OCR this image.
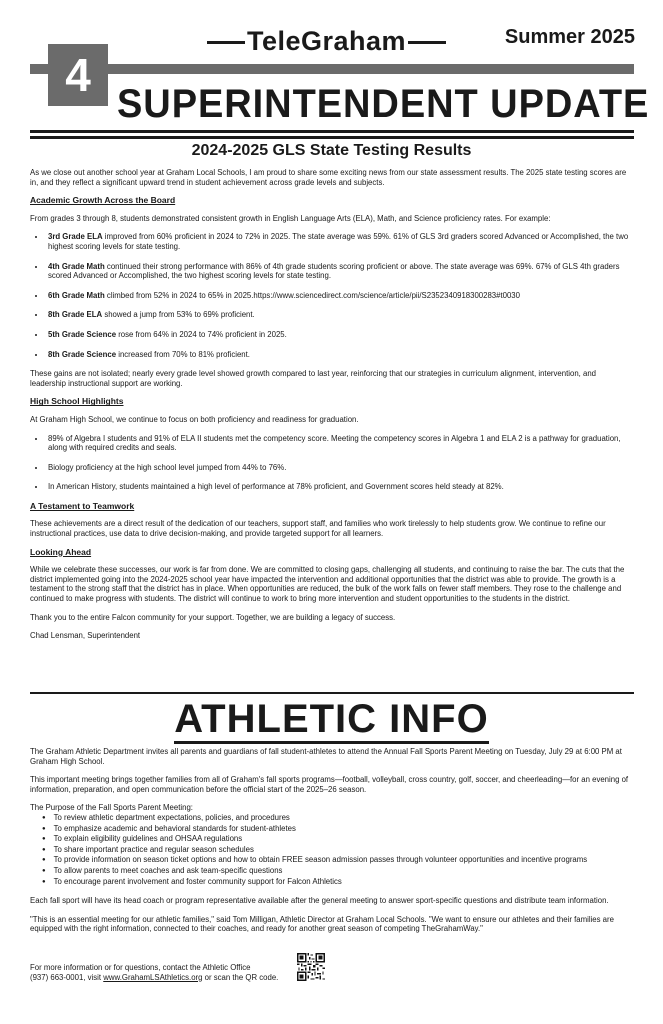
TeleGraham	Summer 2025
4
SUPERINTENDENT UPDATE
2024-2025 GLS State Testing Results

As we close out another school year at Graham Local Schools, I am proud to share some exciting news from our state assessment results. The 2025 state testing scores are in, and they reflect a significant upward trend in student achievement across grade levels and subjects.

Academic Growth Across the Board

From grades 3 through 8, students demonstrated consistent growth in English Language Arts (ELA), Math, and Science proficiency rates. For example:

• 3rd Grade ELA improved from 60% proficient in 2024 to 72% in 2025. The state average was 59%. 61% of GLS 3rd graders scored Advanced or Accomplished, the two highest scoring levels for state testing.
• 4th Grade Math continued their strong performance with 86% of 4th grade students scoring proficient or above. The state average was 69%. 67% of GLS 4th graders scored Advanced or Accomplished, the two highest scoring levels for state testing.
• 6th Grade Math climbed from 52% in 2024 to 65% in 2025.https://www.sciencedirect.com/science/article/pii/S2352340918300283#t0030
• 8th Grade ELA showed a jump from 53% to 69% proficient.
• 5th Grade Science rose from 64% in 2024 to 74% proficient in 2025.
• 8th Grade Science increased from 70% to 81% proficient.

These gains are not isolated; nearly every grade level showed growth compared to last year, reinforcing that our strategies in curriculum alignment, intervention, and leadership instructional support are working.

High School Highlights

At Graham High School, we continue to focus on both proficiency and readiness for graduation.

• 89% of Algebra I students and 91% of ELA II students met the competency score. Meeting the competency scores in Algebra 1 and ELA 2 is a pathway for graduation, along with required credits and seals.
• Biology proficiency at the high school level jumped from 44% to 76%.
• In American History, students maintained a high level of performance at 78% proficient, and Government scores held steady at 82%.
A Testament to Teamwork

These achievements are a direct result of the dedication of our teachers, support staff, and families who work tirelessly to help students grow. We continue to refine our instructional practices, use data to drive decision-making, and provide targeted support for all learners.

Looking Ahead

While we celebrate these successes, our work is far from done. We are committed to closing gaps, challenging all students, and continuing to raise the bar. The cuts that the district implemented going into the 2024-2025 school year have impacted the intervention and additional opportunities that the district was able to provide. The growth is a testament to the strong staff that the district has in place. When opportunities are reduced, the bulk of the work falls on fewer staff members. They rose to the challenge and continued to make progress with students. The district will continue to work to bring more intervention and student opportunities to the students in the district.

Thank you to the entire Falcon community for your support. Together, we are building a legacy of success.

Chad Lensman, Superintendent

ATHLETIC INFO

The Graham Athletic Department invites all parents and guardians of fall student-athletes to attend the Annual Fall Sports Parent Meeting on Tuesday, July 29 at 6:00 PM at Graham High School.

This important meeting brings together families from all of Graham's fall sports programs—football, volleyball, cross country, golf, soccer, and cheerleading—for an evening of information, preparation, and open communication before the official start of the 2025–26 season.

The Purpose of the Fall Sports Parent Meeting:
● To review athletic department expectations, policies, and procedures
● To emphasize academic and behavioral standards for student-athletes
● To explain eligibility guidelines and OHSAA regulations
● To share important practice and regular season schedules
● To provide information on season ticket options and how to obtain FREE season admission passes through volunteer opportunities and incentive programs
● To allow parents to meet coaches and ask team-specific questions
● To encourage parent involvement and foster community support for Falcon Athletics

Each fall sport will have its head coach or program representative available after the general meeting to answer sport-specific questions and distribute team information.

"This is an essential meeting for our athletic families," said Tom Milligan, Athletic Director at Graham Local Schools. "We want to ensure our athletes and their families are equipped with the right information, connected to their coaches, and ready for another great season of competing TheGrahamWay."

For more information or for questions, contact the Athletic Office
(937) 663-0001, visit www.GrahamLSAthletics.org or scan the QR code.
